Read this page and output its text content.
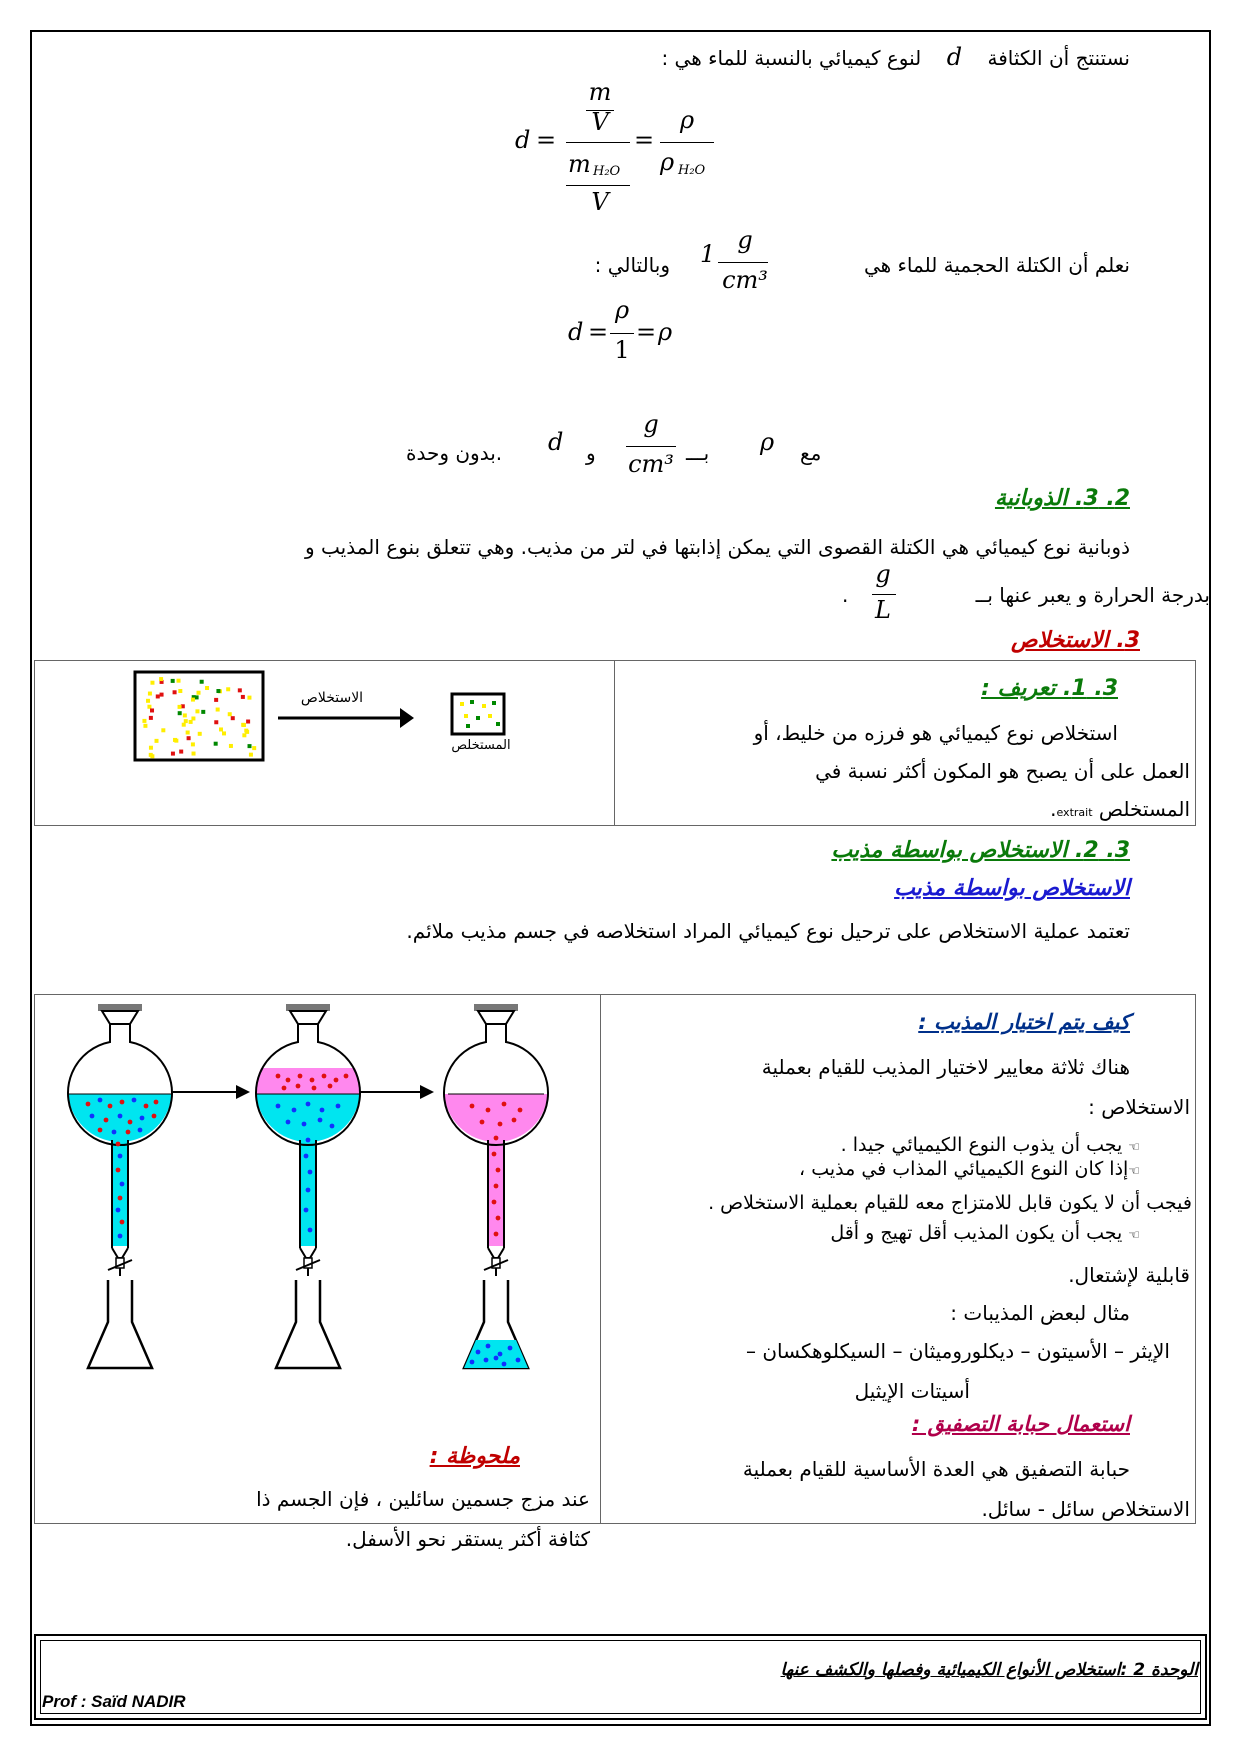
نستنتج أن الكثافة    d    لنوع كيميائي بالنسبة للماء هي :
d =
m
V
m H₂O
V
=
ρ
ρ H₂O
نعلم أن الكتلة الحجمية للماء هي
1 g
cm³
وبالتالي :
d =
ρ
1
= ρ
مع
ρ
بـــ
g
cm³
و
d
بدون وحدة.
2. 3. الذوبانية
ذوبانية نوع كيميائي هي الكتلة القصوى التي يمكن إذابتها في لتر من مذيب. وهي تتعلق بنوع المذيب و
بدرجة الحرارة و يعبر عنها بــ
g
L
.
3. الاستخلاص
3. 1. تعريف :
استخلاص نوع كيميائي هو فرزه من خليط، أو
العمل على أن يصبح هو المكون أكثر نسبة في
المستخلص extrait.
الاستخلاص
المستخلص
3. 2. الاستخلاص بواسطة مذيب
الاستخلاص بواسطة مذيب
تعتمد عملية الاستخلاص على ترحيل نوع كيميائي المراد استخلاصه في جسم مذيب ملائم.
كيف يتم اختيار المذيب :
هناك ثلاثة معايير لاختيار المذيب للقيام بعملية
الاستخلاص :
☜ يجب أن يذوب النوع الكيميائي جيدا .
☜إذا كان النوع الكيميائي المذاب في مذيب ،
فيجب أن لا يكون قابل للامتزاج معه للقيام بعملية الاستخلاص .
☜ يجب أن يكون المذيب أقل تهيج و أقل
قابلية لإشتعال.
مثال لبعض المذيبات :
الإيثر – الأسيتون – ديكلوروميثان – السيكلوهكسان –
أسيتات الإيثيل
استعمال حبابة التصفيق :
حبابة التصفيق هي العدة الأساسية للقيام بعملية
الاستخلاص سائل - سائل.
ملحوظة :
عند مزج جسمين سائلين ، فإن الجسم ذا
كثافة أكثر يستقر نحو الأسفل.
الوحدة 2 :استخلاص الأنواع الكيميائية وفصلها والكشف عنها
Prof : Saïd NADIR
